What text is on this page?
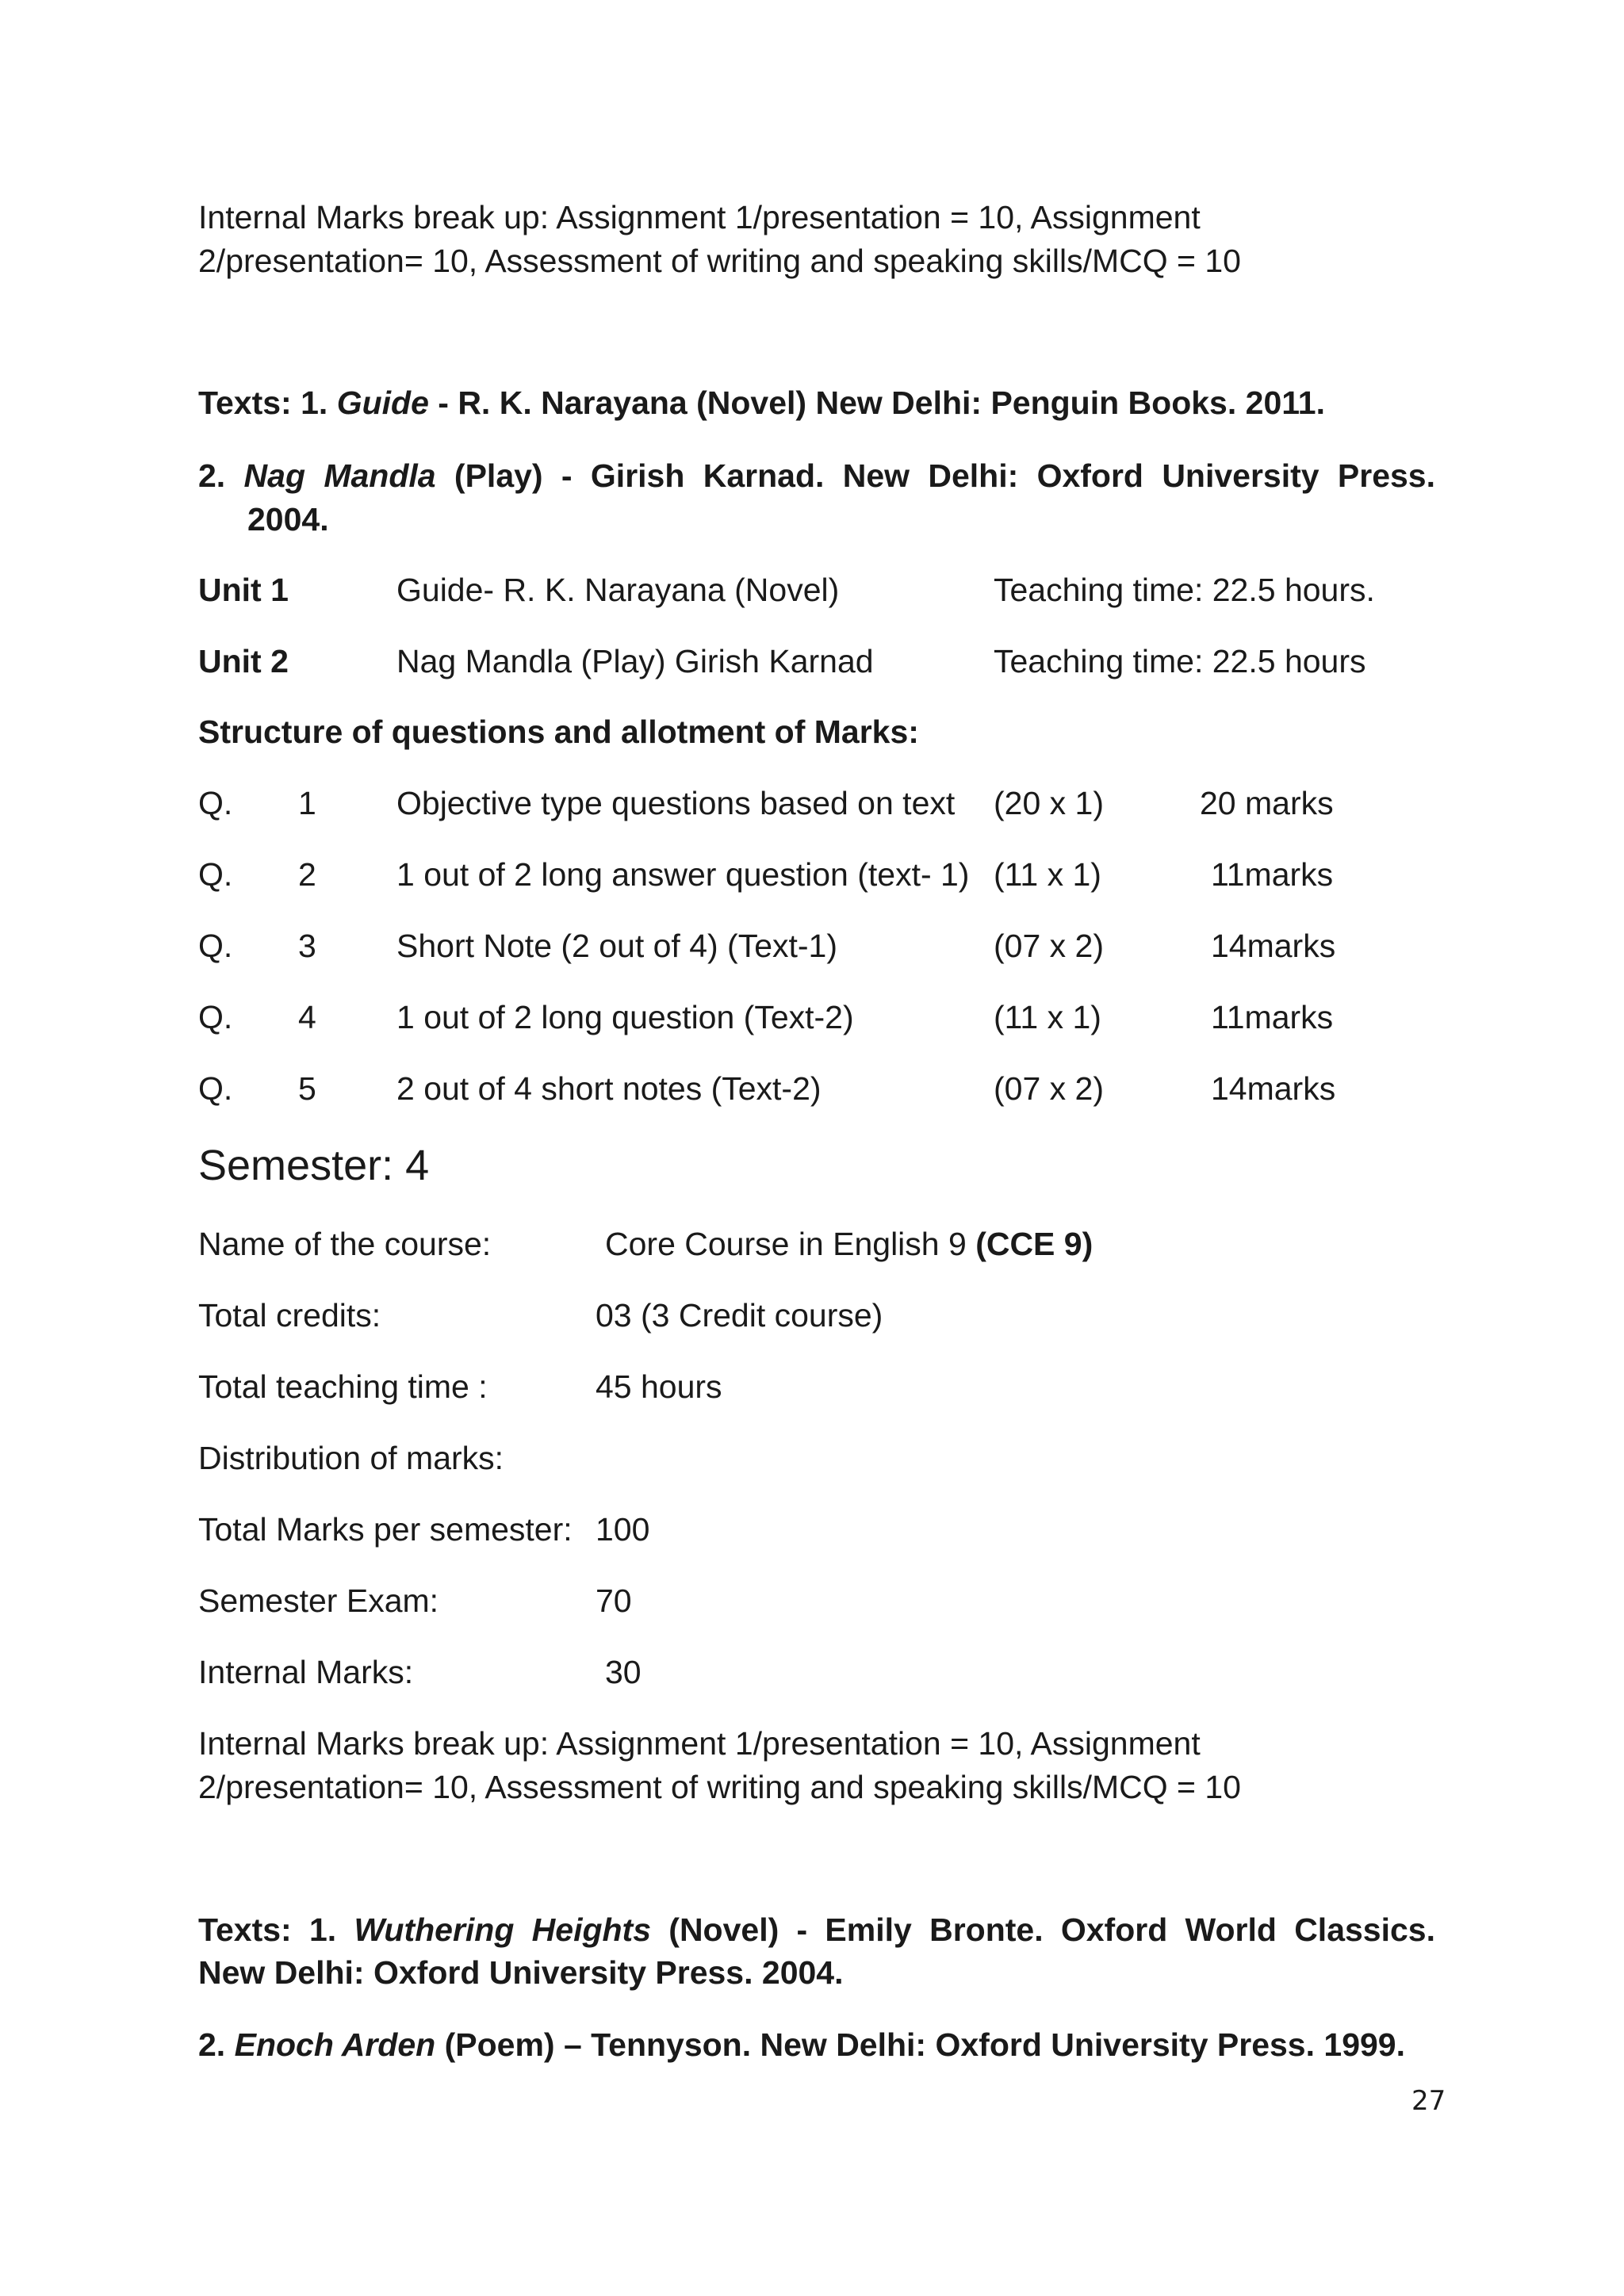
Internal Marks break up: Assignment 1/presentation = 10, Assignment
2/presentation= 10, Assessment of writing and speaking skills/MCQ = 10
Texts: 1. Guide - R. K. Narayana (Novel) New Delhi: Penguin Books. 2011.
2. Nag Mandla (Play) - Girish Karnad. New Delhi: Oxford University Press.
2004.
Unit 1	Guide- R. K. Narayana (Novel)	Teaching time: 22.5 hours.
Unit 2	Nag Mandla (Play) Girish Karnad	Teaching time: 22.5 hours
Structure of questions and allotment of Marks:
Q. 1 Objective type questions based on text (20 x 1)	20 marks
Q. 2 1 out of 2 long answer question (text- 1) (11 x 1)	11marks
Q. 3 Short Note (2 out of 4) (Text-1)	(07 x 2)	14marks
Q. 4 1 out of 2 long question (Text-2)	(11 x 1)	11marks
Q. 5 2 out of 4 short notes (Text-2)	(07 x 2)	14marks
Semester: 4
Name of the course:	Core Course in English 9 (CCE 9)
Total credits:	03 (3 Credit course)
Total teaching time :	45 hours
Distribution of marks:
Total Marks per semester: 100
Semester Exam:	70
Internal Marks:	30
Internal Marks break up: Assignment 1/presentation = 10, Assignment
2/presentation= 10, Assessment of writing and speaking skills/MCQ = 10
Texts: 1. Wuthering Heights (Novel) - Emily Bronte. Oxford World Classics.
New Delhi: Oxford University Press. 2004.
2. Enoch Arden (Poem) – Tennyson. New Delhi: Oxford University Press. 1999.
27
